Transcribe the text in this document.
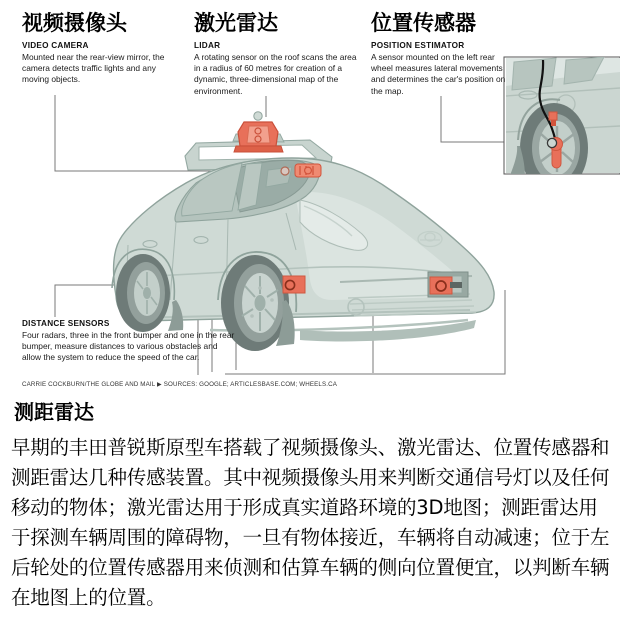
视频摄像头

VIDEO CAMERA

Mounted near the rear-view mirror, the camera detects traffic lights and any moving objects.

激光雷达

LIDAR

A rotating sensor on the roof scans the area in a radius of 60 metres for creation of a dynamic, three-dimensional map of the environment.

位置传感器

POSITION ESTIMATOR

A sensor mounted on the left rear wheel measures lateral movements and determines the car's position on the map.

DISTANCE SENSORS

Four radars, three in the front bumper and one in the rear bumper, measure distances to various obstacles and allow the system to reduce the speed of the car.

CARRIE COCKBURN/THE GLOBE AND MAIL ▶ SOURCES: GOOGLE; ARTICLESBASE.COM; WHEELS.CA
测距雷达
早期的丰田普锐斯原型车搭载了视频摄像头、激光雷达、位置传感器和测距雷达几种传感装置。其中视频摄像头用来判断交通信号灯以及任何移动的物体；激光雷达用于形成真实道路环境的3D地图；测距雷达用于探测车辆周围的障碍物，一旦有物体接近，车辆将自动减速；位于左后轮处的位置传感器用来侦测和估算车辆的侧向位置便宜，以判断车辆在地图上的位置。
